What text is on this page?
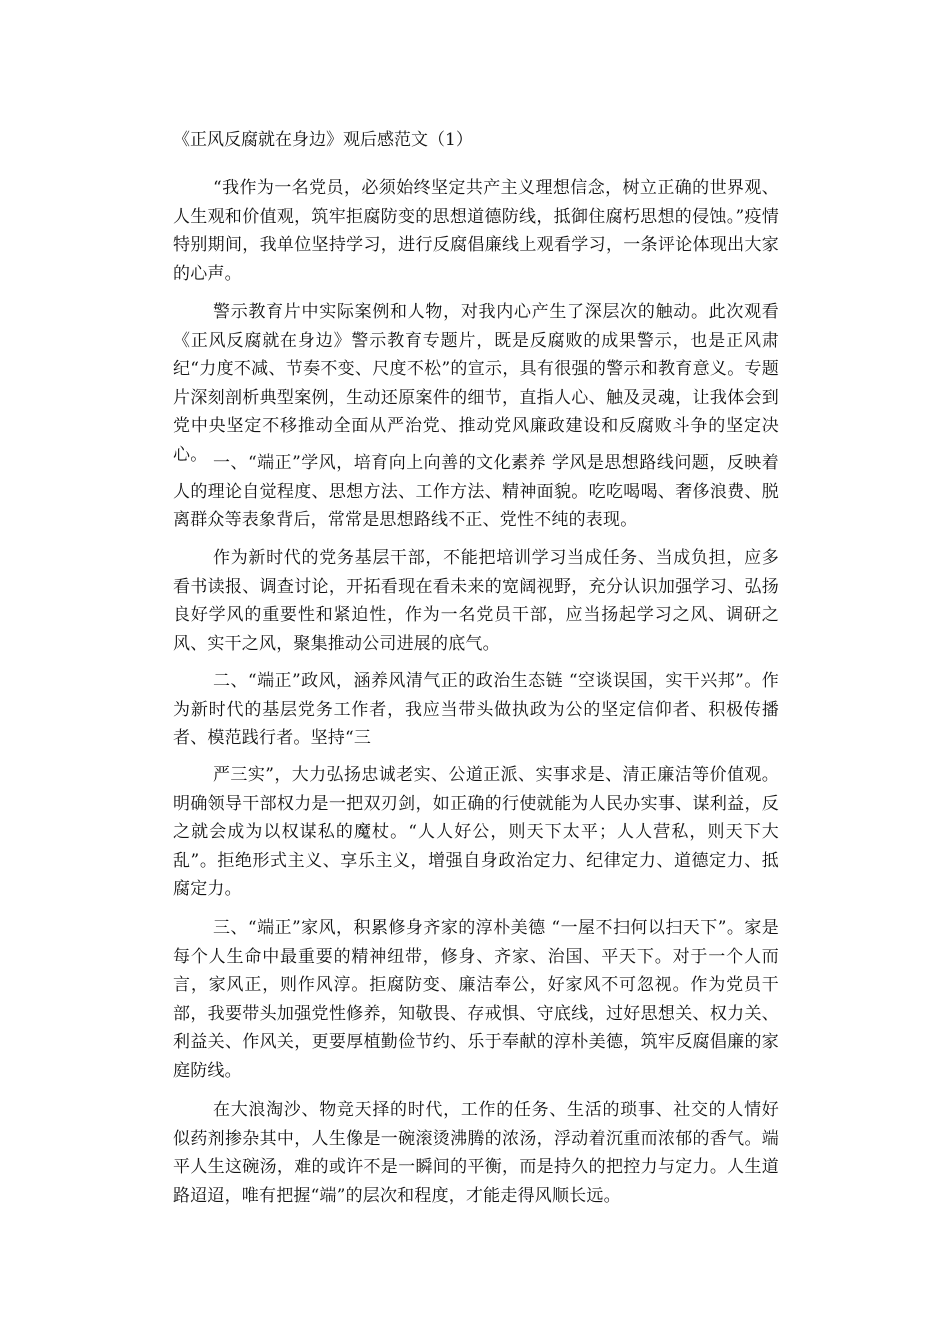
《正风反腐就在身边》观后感范文（1）

“我作为一名党员，必须始终坚定共产主义理想信念，树立正确的世界观、人生观和价值观，筑牢拒腐防变的思想道德防线，抵御住腐朽思想的侵蚀。”疫情特别期间，我单位坚持学习，进行反腐倡廉线上观看学习，一条评论体现出大家的心声。

警示教育片中实际案例和人物，对我内心产生了深层次的触动。此次观看《正风反腐就在身边》警示教育专题片，既是反腐败的成果警示，也是正风肃纪“力度不减、节奏不变、尺度不松”的宣示，具有很强的警示和教育意义。专题片深刻剖析典型案例，生动还原案件的细节，直指人心、触及灵魂，让我体会到党中央坚定不移推动全面从严治党、推动党风廉政建设和反腐败斗争的坚定决心。 一、“端正”学风，培育向上向善的文化素养 学风是思想路线问题，反映着人的理论自觉程度、思想方法、工作方法、精神面貌。吃吃喝喝、奢侈浪费、脱离群众等表象背后，常常是思想路线不正、党性不纯的表现。

作为新时代的党务基层干部，不能把培训学习当成任务、当成负担，应多看书读报、调查讨论，开拓看现在看未来的宽阔视野，充分认识加强学习、弘扬良好学风的重要性和紧迫性，作为一名党员干部，应当扬起学习之风、调研之风、实干之风，聚集推动公司进展的底气。

二、“端正”政风，涵养风清气正的政治生态链 “空谈误国，实干兴邦”。作为新时代的基层党务工作者，我应当带头做执政为公的坚定信仰者、积极传播者、模范践行者。坚持“三

严三实”，大力弘扬忠诚老实、公道正派、实事求是、清正廉洁等价值观。明确领导干部权力是一把双刃剑，如正确的行使就能为人民办实事、谋利益，反之就会成为以权谋私的魔杖。“人人好公，则天下太平；人人营私，则天下大乱”。拒绝形式主义、享乐主义，增强自身政治定力、纪律定力、道德定力、抵腐定力。

三、“端正”家风，积累修身齐家的淳朴美德 “一屋不扫何以扫天下”。家是每个人生命中最重要的精神纽带，修身、齐家、治国、平天下。对于一个人而言，家风正，则作风淳。拒腐防变、廉洁奉公，好家风不可忽视。作为党员干部，我要带头加强党性修养，知敬畏、存戒惧、守底线，过好思想关、权力关、利益关、作风关，更要厚植勤俭节约、乐于奉献的淳朴美德，筑牢反腐倡廉的家庭防线。

在大浪淘沙、物竞天择的时代，工作的任务、生活的琐事、社交的人情好似药剂掺杂其中，人生像是一碗滚烫沸腾的浓汤，浮动着沉重而浓郁的香气。端平人生这碗汤，难的或许不是一瞬间的平衡，而是持久的把控力与定力。人生道路迢迢，唯有把握“端”的层次和程度，才能走得风顺长远。
